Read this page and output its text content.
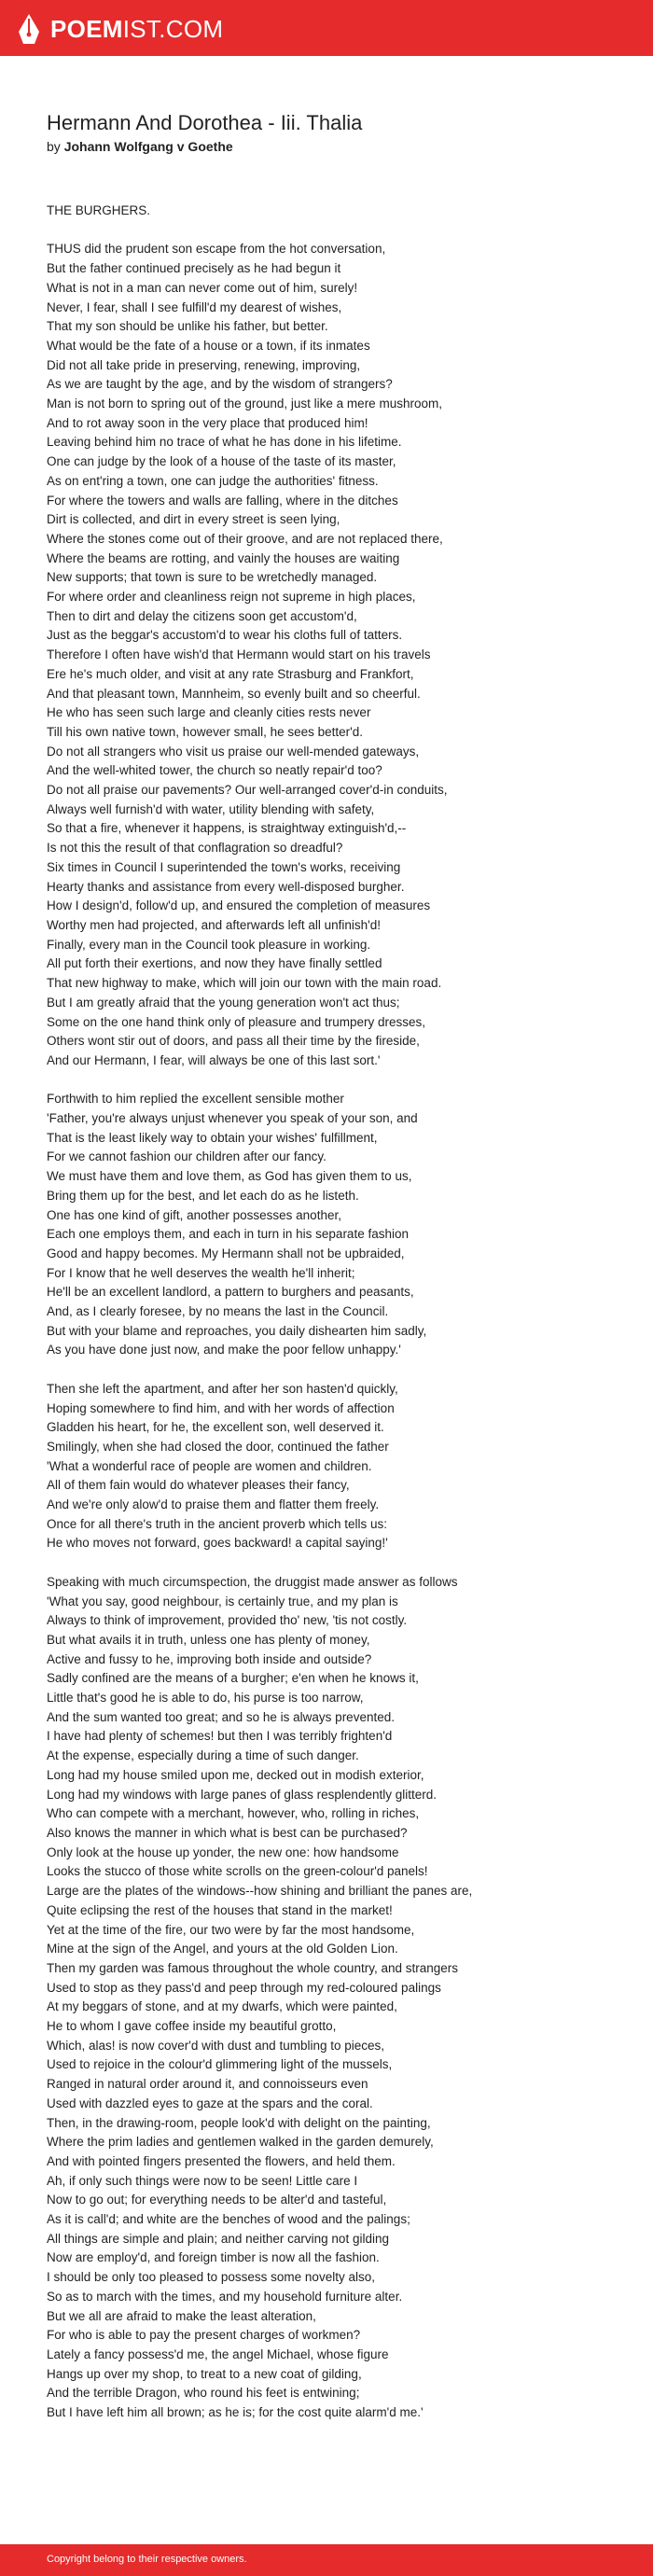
POEMIST.COM
Hermann And Dorothea - Iii. Thalia
by Johann Wolfgang v Goethe
THE BURGHERS.
THUS did the prudent son escape from the hot conversation,
But the father continued precisely as he had begun it
What is not in a man can never come out of him, surely!
Never, I fear, shall I see fulfill'd my dearest of wishes,
That my son should be unlike his father, but better.
What would be the fate of a house or a town, if its inmates
Did not all take pride in preserving, renewing, improving,
As we are taught by the age, and by the wisdom of strangers?
Man is not born to spring out of the ground, just like a mere mushroom,
And to rot away soon in the very place that produced him!
Leaving behind him no trace of what he has done in his lifetime.
One can judge by the look of a house of the taste of its master,
As on ent'ring a town, one can judge the authorities' fitness.
For where the towers and walls are falling, where in the ditches
Dirt is collected, and dirt in every street is seen lying,
Where the stones come out of their groove, and are not replaced there,
Where the beams are rotting, and vainly the houses are waiting
New supports; that town is sure to be wretchedly managed.
For where order and cleanliness reign not supreme in high places,
Then to dirt and delay the citizens soon get accustom'd,
Just as the beggar's accustom'd to wear his cloths full of tatters.
Therefore I often have wish'd that Hermann would start on his travels
Ere he's much older, and visit at any rate Strasburg and Frankfort,
And that pleasant town, Mannheim, so evenly built and so cheerful.
He who has seen such large and cleanly cities rests never
Till his own native town, however small, he sees better'd.
Do not all strangers who visit us praise our well-mended gateways,
And the well-whited tower, the church so neatly repair'd too?
Do not all praise our pavements? Our well-arranged cover'd-in conduits,
Always well furnish'd with water, utility blending with safety,
So that a fire, whenever it happens, is straightway extinguish'd,--
Is not this the result of that conflagration so dreadful?
Six times in Council I superintended the town's works, receiving
Hearty thanks and assistance from every well-disposed burgher.
How I design'd, follow'd up, and ensured the completion of measures
Worthy men had projected, and afterwards left all unfinish'd!
Finally, every man in the Council took pleasure in working.
All put forth their exertions, and now they have finally settled
That new highway to make, which will join our town with the main road.
But I am greatly afraid that the young generation won't act thus;
Some on the one hand think only of pleasure and trumpery dresses,
Others wont stir out of doors, and pass all their time by the fireside,
And our Hermann, I fear, will always be one of this last sort.'
Forthwith to him replied the excellent sensible mother
'Father, you're always unjust whenever you speak of your son, and
That is the least likely way to obtain your wishes' fulfillment,
For we cannot fashion our children after our fancy.
We must have them and love them, as God has given them to us,
Bring them up for the best, and let each do as he listeth.
One has one kind of gift, another possesses another,
Each one employs them, and each in turn in his separate fashion
Good and happy becomes. My Hermann shall not be upbraided,
For I know that he well deserves the wealth he'll inherit;
He'll be an excellent landlord, a pattern to burghers and peasants,
And, as I clearly foresee, by no means the last in the Council.
But with your blame and reproaches, you daily dishearten him sadly,
As you have done just now, and make the poor fellow unhappy.'
Then she left the apartment, and after her son hasten'd quickly,
Hoping somewhere to find him, and with her words of affection
Gladden his heart, for he, the excellent son, well deserved it.
Smilingly, when she had closed the door, continued the father
'What a wonderful race of people are women and children.
All of them fain would do whatever pleases their fancy,
And we're only alow'd to praise them and flatter them freely.
Once for all there's truth in the ancient proverb which tells us:
He who moves not forward, goes backward! a capital saying!'
Speaking with much circumspection, the druggist made answer as follows
'What you say, good neighbour, is certainly true, and my plan is
Always to think of improvement, provided tho' new, 'tis not costly.
But what avails it in truth, unless one has plenty of money,
Active and fussy to he, improving both inside and outside?
Sadly confined are the means of a burgher; e'en when he knows it,
Little that's good he is able to do, his purse is too narrow,
And the sum wanted too great; and so he is always prevented.
I have had plenty of schemes! but then I was terribly frighten'd
At the expense, especially during a time of such danger.
Long had my house smiled upon me, decked out in modish exterior,
Long had my windows with large panes of glass resplendently glitterd.
Who can compete with a merchant, however, who, rolling in riches,
Also knows the manner in which what is best can be purchased?
Only look at the house up yonder, the new one: how handsome
Looks the stucco of those white scrolls on the green-colour'd panels!
Large are the plates of the windows--how shining and brilliant the panes are,
Quite eclipsing the rest of the houses that stand in the market!
Yet at the time of the fire, our two were by far the most handsome,
Mine at the sign of the Angel, and yours at the old Golden Lion.
Then my garden was famous throughout the whole country, and strangers
Used to stop as they pass'd and peep through my red-coloured palings
At my beggars of stone, and at my dwarfs, which were painted,
He to whom I gave coffee inside my beautiful grotto,
Which, alas! is now cover'd with dust and tumbling to pieces,
Used to rejoice in the colour'd glimmering light of the mussels,
Ranged in natural order around it, and connoisseurs even
Used with dazzled eyes to gaze at the spars and the coral.
Then, in the drawing-room, people look'd with delight on the painting,
Where the prim ladies and gentlemen walked in the garden demurely,
And with pointed fingers presented the flowers, and held them.
Ah, if only such things were now to be seen! Little care I
Now to go out; for everything needs to be alter'd and tasteful,
As it is call'd; and white are the benches of wood and the palings;
All things are simple and plain; and neither carving not gilding
Now are employ'd, and foreign timber is now all the fashion.
I should be only too pleased to possess some novelty also,
So as to march with the times, and my household furniture alter.
But we all are afraid to make the least alteration,
For who is able to pay the present charges of workmen?
Lately a fancy possess'd me, the angel Michael, whose figure
Hangs up over my shop, to treat to a new coat of gilding,
And the terrible Dragon, who round his feet is entwining;
But I have left him all brown; as he is; for the cost quite alarm'd me.'
Copyright belong to their respective owners.
